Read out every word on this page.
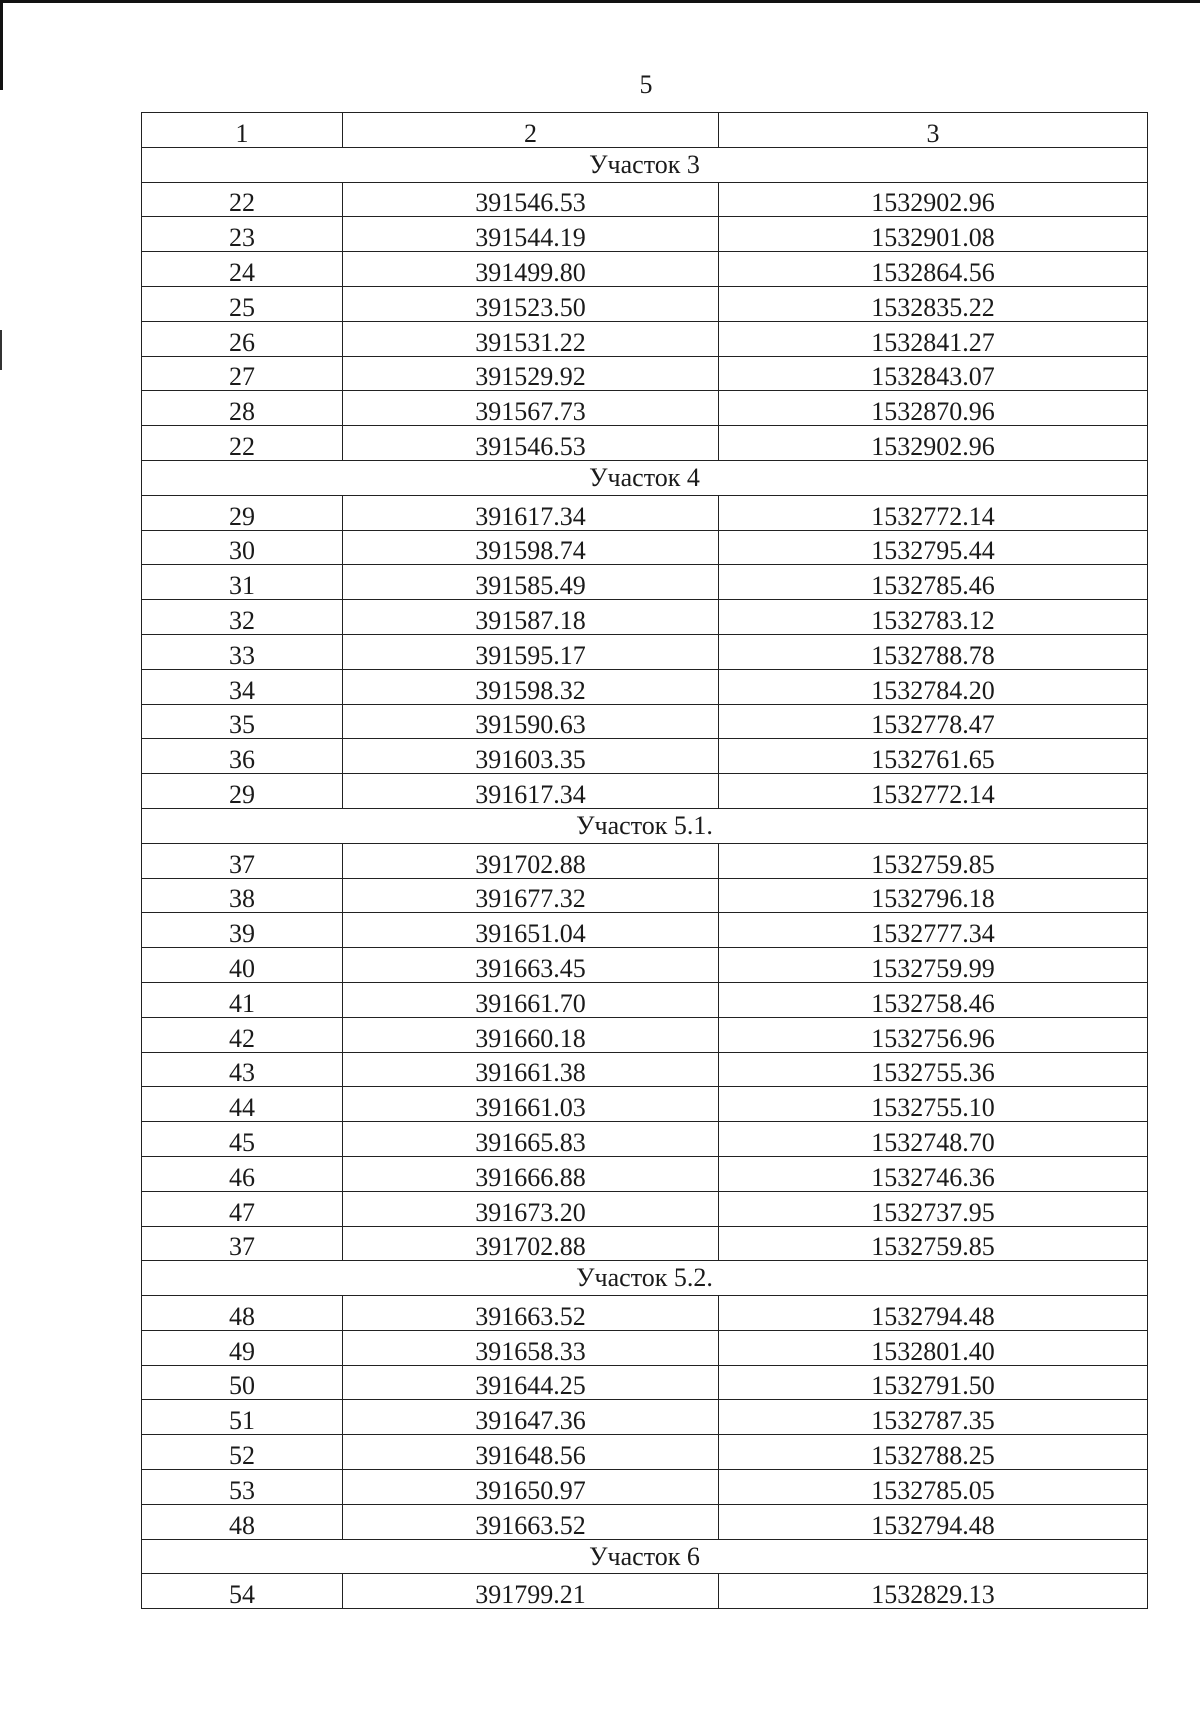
5
1	2	3
Участок 3		
22	391546.53	1532902.96
23	391544.19	1532901.08
24	391499.80	1532864.56
25	391523.50	1532835.22
26	391531.22	1532841.27
27	391529.92	1532843.07
28	391567.73	1532870.96
22	391546.53	1532902.96
Участок 4		
29	391617.34	1532772.14
30	391598.74	1532795.44
31	391585.49	1532785.46
32	391587.18	1532783.12
33	391595.17	1532788.78
34	391598.32	1532784.20
35	391590.63	1532778.47
36	391603.35	1532761.65
29	391617.34	1532772.14
Участок 5.1.		
37	391702.88	1532759.85
38	391677.32	1532796.18
39	391651.04	1532777.34
40	391663.45	1532759.99
41	391661.70	1532758.46
42	391660.18	1532756.96
43	391661.38	1532755.36
44	391661.03	1532755.10
45	391665.83	1532748.70
46	391666.88	1532746.36
47	391673.20	1532737.95
37	391702.88	1532759.85
Участок 5.2.		
48	391663.52	1532794.48
49	391658.33	1532801.40
50	391644.25	1532791.50
51	391647.36	1532787.35
52	391648.56	1532788.25
53	391650.97	1532785.05
48	391663.52	1532794.48
Участок 6		
54	391799.21	1532829.13
